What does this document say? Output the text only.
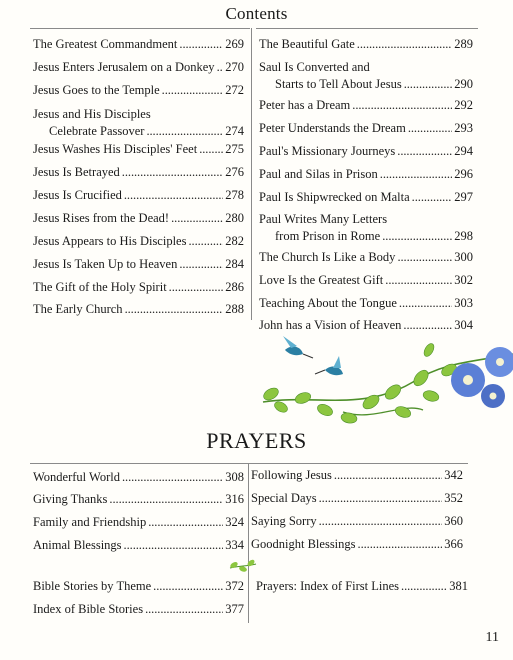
Contents
The Greatest Commandment . . .	269
Jesus Enters Jerusalem on a Donkey . . . 270
Jesus Goes to the Temple . . .	272
Jesus and His Disciples
Celebrate Passover . . .	274
Jesus Washes His Disciples' Feet . . . 275
Jesus Is Betrayed . . .	276
Jesus Is Crucified . . .	278
Jesus Rises from the Dead! . . .	280
Jesus Appears to His Disciples . . .	282
Jesus Is Taken Up to Heaven . . .	284
The Gift of the Holy Spirit . . .	286
The Early Church . . .	288
The Beautiful Gate . . .	289
Saul Is Converted and
Starts to Tell About Jesus . . .	290
Peter has a Dream . . .	292
Peter Understands the Dream . . .	293
Paul's Missionary Journeys . . .	294
Paul and Silas in Prison . . .	296
Paul Is Shipwrecked on Malta . . .	297
Paul Writes Many Letters
from Prison in Rome . . .	298
The Church Is Like a Body . . .	300
Love Is the Greatest Gift . . .	302
Teaching About the Tongue . . .	303
John has a Vision of Heaven . . .	304
PRAYERS
Wonderful World . . .	308
Giving Thanks . . .	316
Family and Friendship . . .	324
Animal Blessings . . .	334
Following Jesus . . .	342
Special Days . . .	352
Saying Sorry . . .	360
Goodnight Blessings . . .	366
Bible Stories by Theme . . .	372
Index of Bible Stories . . .	377
Prayers: Index of First Lines . . .	381
11
